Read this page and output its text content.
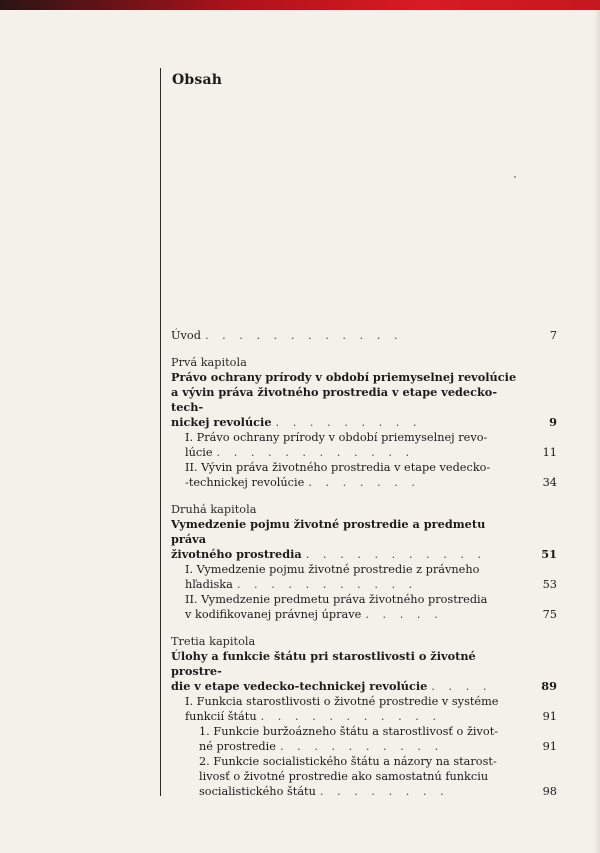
Obsah
Úvod . . . . . . . . . . . .	7
Prvá kapitola
Právo ochrany prírody v období priemyselnej revolúcie
a vývin práva životného prostredia v etape vedecko-tech-
nickej revolúcie . . . . . . . . .	9
I. Právo ochrany prírody v období priemyselnej revo-
lúcie . . . . . . . . . . . .	11
II. Vývin práva životného prostredia v etape vedecko-
-technickej revolúcie . . . . . . .	34
Druhá kapitola
Vymedzenie pojmu životné prostredie a predmetu práva
životného prostredia . . . . . . . . . . .	51
I. Vymedzenie pojmu životné prostredie z právneho
hľadiska . . . . . . . . . . .	53
II. Vymedzenie predmetu práva životného prostredia
v kodifikovanej právnej úprave . . . . .	75
Tretia kapitola
Úlohy a funkcie štátu pri starostlivosti o životné prostre-
die v etape vedecko-technickej revolúcie . . . .	89
I. Funkcia starostlivosti o životné prostredie v systéme
funkcií štátu . . . . . . . . . . .	91
1. Funkcie buržoázneho štátu a starostlivosť o život-
né prostredie . . . . . . . . . .	91
2. Funkcie socialistického štátu a názory na starost-
livosť o životné prostredie ako samostatnú funkciu
socialistického štátu . . . . . . . .	98
